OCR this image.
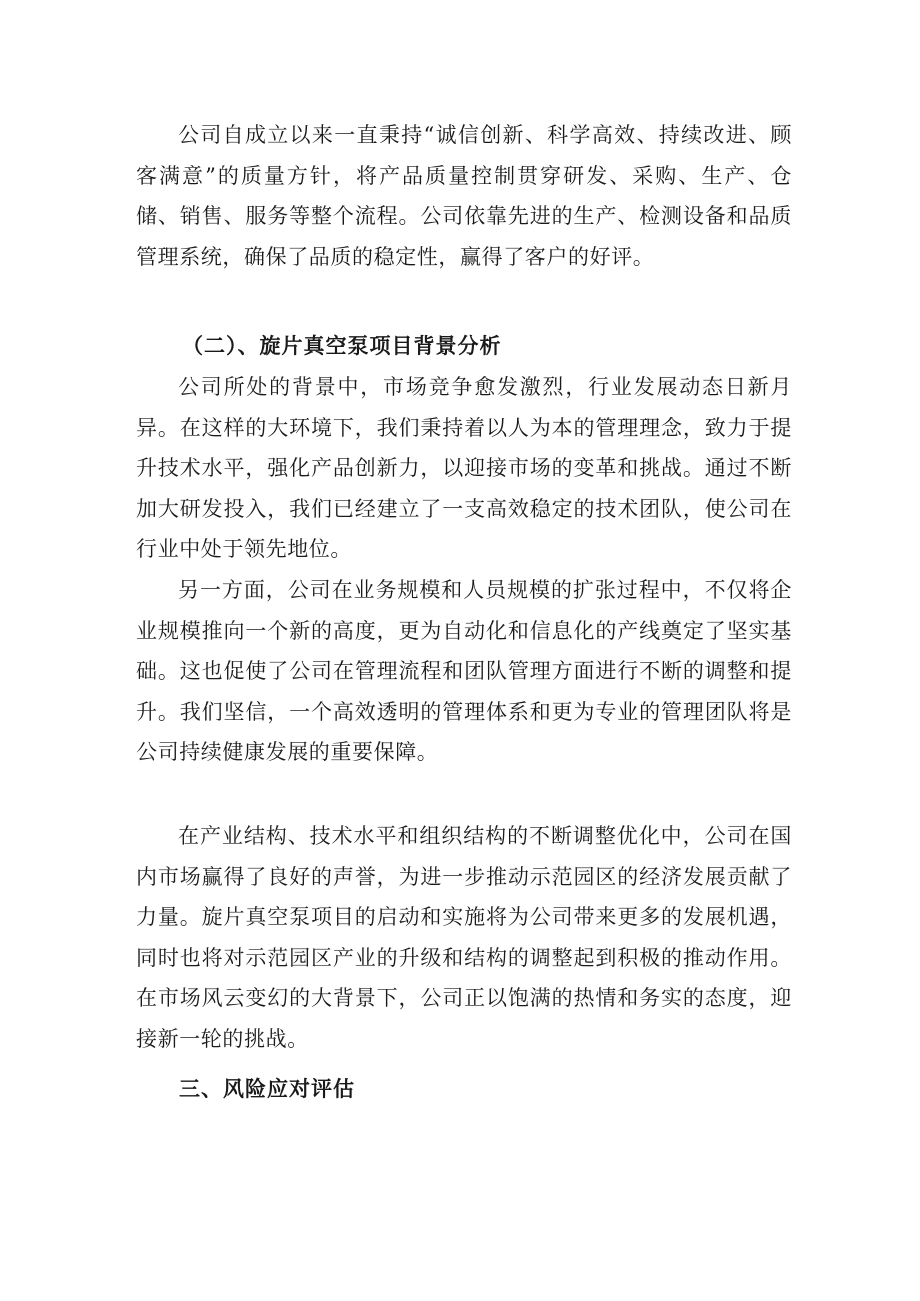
公司自成立以来一直秉持“诚信创新、科学高效、持续改进、顾客满意”的质量方针，将产品质量控制贯穿研发、采购、生产、仓储、销售、服务等整个流程。公司依靠先进的生产、检测设备和品质管理系统，确保了品质的稳定性，赢得了客户的好评。

（二）、旋片真空泵项目背景分析

公司所处的背景中，市场竞争愈发激烈，行业发展动态日新月异。在这样的大环境下，我们秉持着以人为本的管理理念，致力于提升技术水平，强化产品创新力，以迎接市场的变革和挑战。通过不断加大研发投入，我们已经建立了一支高效稳定的技术团队，使公司在行业中处于领先地位。

另一方面，公司在业务规模和人员规模的扩张过程中，不仅将企业规模推向一个新的高度，更为自动化和信息化的产线奠定了坚实基础。这也促使了公司在管理流程和团队管理方面进行不断的调整和提升。我们坚信，一个高效透明的管理体系和更为专业的管理团队将是公司持续健康发展的重要保障。

在产业结构、技术水平和组织结构的不断调整优化中，公司在国内市场赢得了良好的声誉，为进一步推动示范园区的经济发展贡献了力量。旋片真空泵项目的启动和实施将为公司带来更多的发展机遇，同时也将对示范园区产业的升级和结构的调整起到积极的推动作用。在市场风云变幻的大背景下，公司正以饱满的热情和务实的态度，迎接新一轮的挑战。

三、风险应对评估
